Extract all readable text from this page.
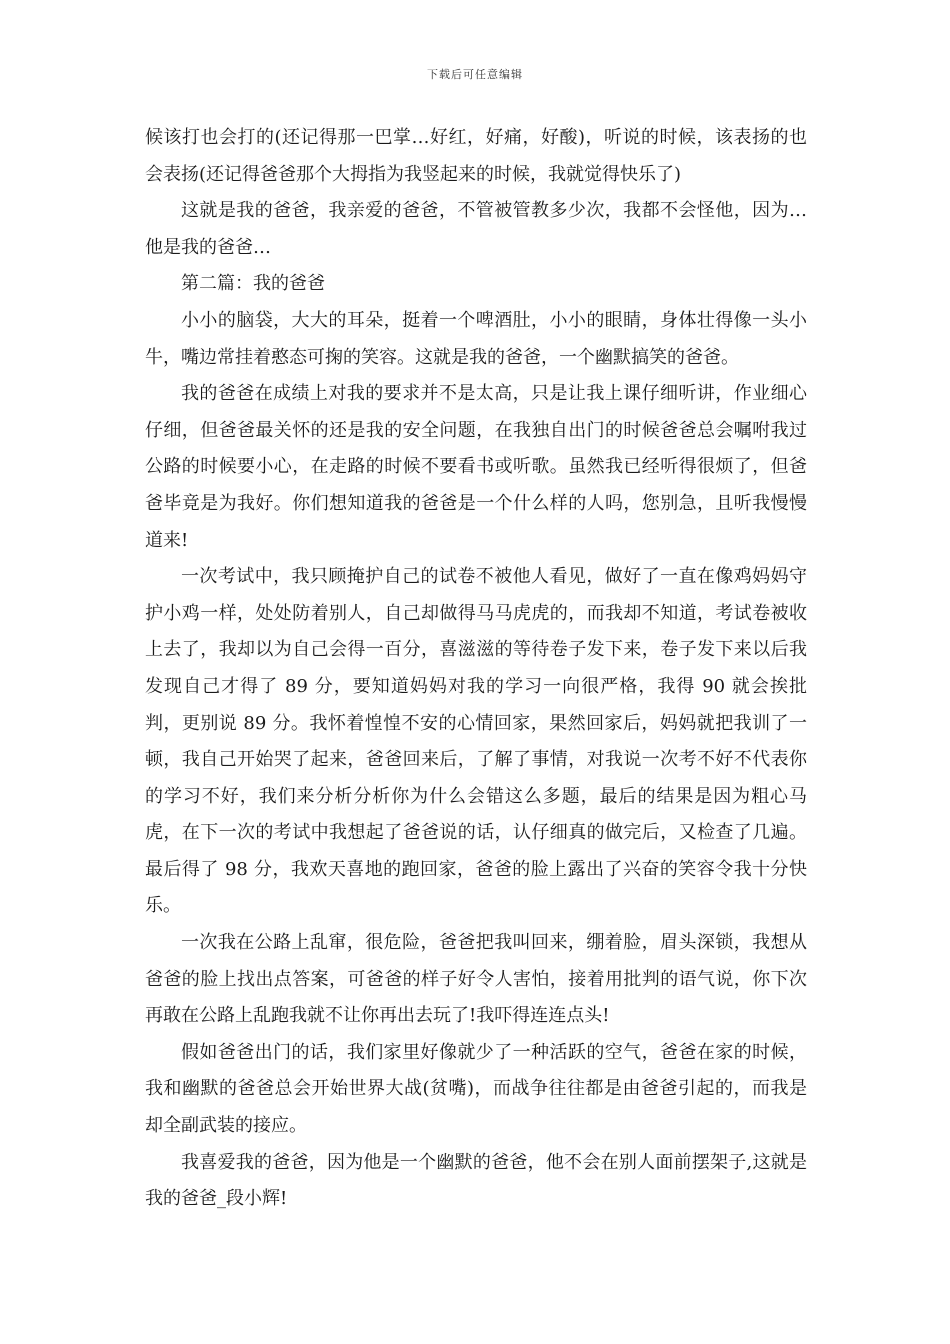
下载后可任意编辑

候该打也会打的(还记得那一巴掌…好红，好痛，好酸)，听说的时候，该表扬的也会表扬(还记得爸爸那个大拇指为我竖起来的时候，我就觉得快乐了)

这就是我的爸爸，我亲爱的爸爸，不管被管教多少次，我都不会怪他，因为…他是我的爸爸…

第二篇：我的爸爸

小小的脑袋，大大的耳朵，挺着一个啤酒肚，小小的眼睛，身体壮得像一头小牛，嘴边常挂着憨态可掬的笑容。这就是我的爸爸，一个幽默搞笑的爸爸。

我的爸爸在成绩上对我的要求并不是太高，只是让我上课仔细听讲，作业细心仔细，但爸爸最关怀的还是我的安全问题，在我独自出门的时候爸爸总会嘱咐我过公路的时候要小心，在走路的时候不要看书或听歌。虽然我已经听得很烦了，但爸爸毕竟是为我好。你们想知道我的爸爸是一个什么样的人吗，您别急，且听我慢慢道来!

一次考试中，我只顾掩护自己的试卷不被他人看见，做好了一直在像鸡妈妈守护小鸡一样，处处防着别人，自己却做得马马虎虎的，而我却不知道，考试卷被收上去了，我却以为自己会得一百分，喜滋滋的等待卷子发下来，卷子发下来以后我发现自己才得了 89 分，要知道妈妈对我的学习一向很严格，我得 90 就会挨批判，更别说 89 分。我怀着惶惶不安的心情回家，果然回家后，妈妈就把我训了一顿，我自己开始哭了起来，爸爸回来后，了解了事情，对我说一次考不好不代表你的学习不好，我们来分析分析你为什么会错这么多题，最后的结果是因为粗心马虎，在下一次的考试中我想起了爸爸说的话，认仔细真的做完后，又检查了几遍。最后得了 98 分，我欢天喜地的跑回家，爸爸的脸上露出了兴奋的笑容令我十分快乐。

一次我在公路上乱窜，很危险，爸爸把我叫回来，绷着脸，眉头深锁，我想从爸爸的脸上找出点答案，可爸爸的样子好令人害怕，接着用批判的语气说，你下次再敢在公路上乱跑我就不让你再出去玩了!我吓得连连点头!

假如爸爸出门的话，我们家里好像就少了一种活跃的空气，爸爸在家的时候，我和幽默的爸爸总会开始世界大战(贫嘴)，而战争往往都是由爸爸引起的，而我是却全副武装的接应。

我喜爱我的爸爸，因为他是一个幽默的爸爸，他不会在别人面前摆架子,这就是我的爸爸_段小辉!
